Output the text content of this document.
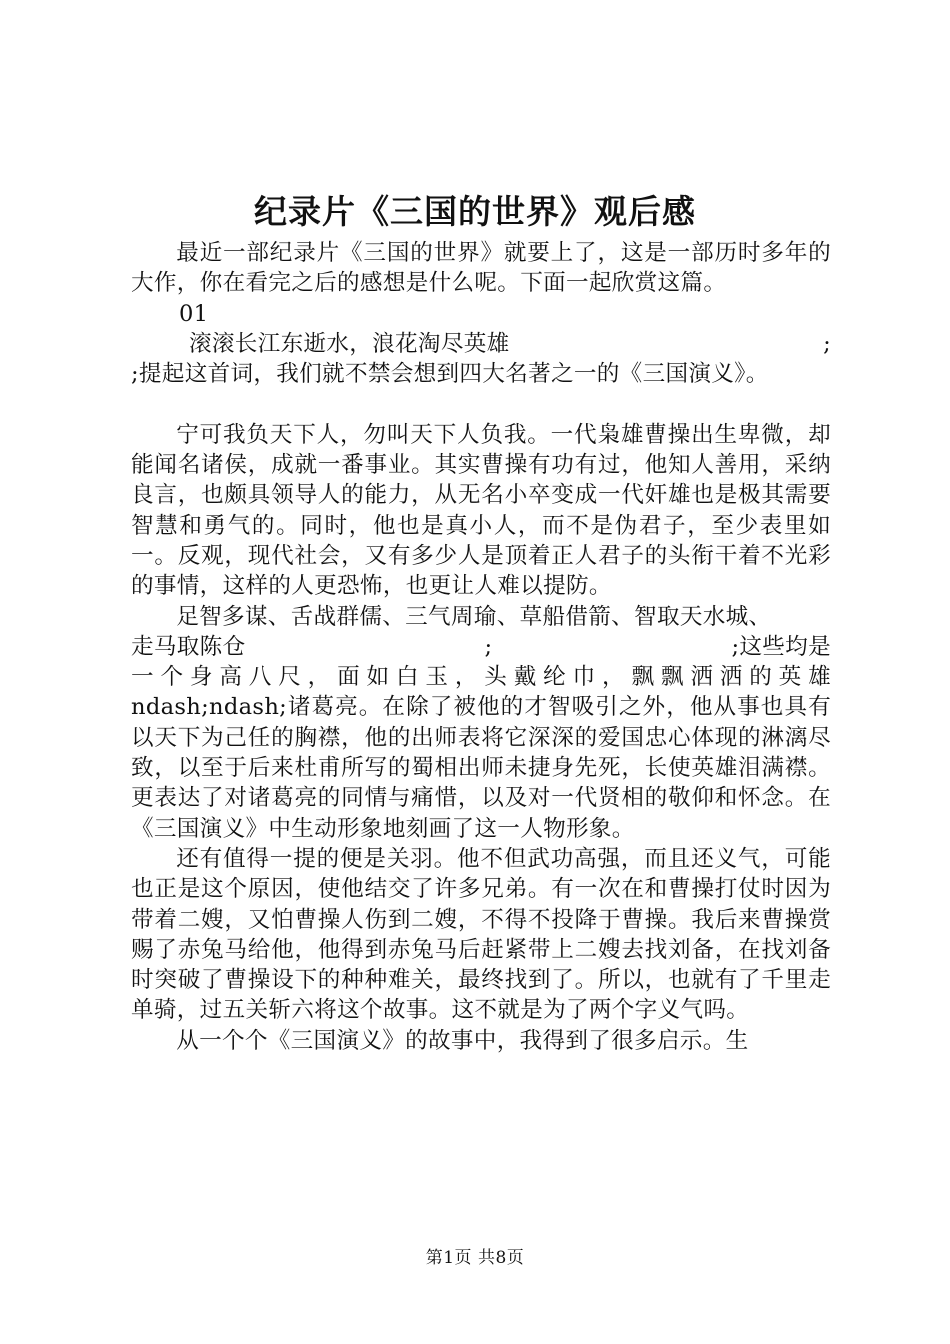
纪录片《三国的世界》观后感

最近一部纪录片《三国的世界》就要上了，这是一部历时多年的大作，你在看完之后的感想是什么呢。下面一起欣赏这篇。

01

滚滚长江东逝水，浪花淘尽英雄	;

;提起这首词，我们就不禁会想到四大名著之一的《三国演义》。

宁可我负天下人，勿叫天下人负我。一代枭雄曹操出生卑微，却能闻名诸侯，成就一番事业。其实曹操有功有过，他知人善用，采纳良言，也颇具领导人的能力，从无名小卒变成一代奸雄也是极其需要智慧和勇气的。同时，他也是真小人，而不是伪君子，至少表里如一。反观，现代社会，又有多少人是顶着正人君子的头衔干着不光彩的事情，这样的人更恐怖，也更让人难以提防。

足智多谋、舌战群儒、三气周瑜、草船借箭、智取天水城、

走马取陈仓	;	;这些均是

一个身高八尺，面如白玉，头戴纶巾，飘飘洒洒的英雄ndash;ndash;诸葛亮。在除了被他的才智吸引之外，他从事也具有以天下为己任的胸襟，他的出师表将它深深的爱国忠心体现的淋漓尽致，以至于后来杜甫所写的蜀相出师未捷身先死，长使英雄泪满襟。更表达了对诸葛亮的同情与痛惜，以及对一代贤相的敬仰和怀念。在《三国演义》中生动形象地刻画了这一人物形象。

还有值得一提的便是关羽。他不但武功高强，而且还义气，可能也正是这个原因，使他结交了许多兄弟。有一次在和曹操打仗时因为带着二嫂，又怕曹操人伤到二嫂，不得不投降于曹操。我后来曹操赏赐了赤兔马给他，他得到赤兔马后赶紧带上二嫂去找刘备，在找刘备时突破了曹操设下的种种难关，最终找到了。所以，也就有了千里走单骑，过五关斩六将这个故事。这不就是为了两个字义气吗。

从一个个《三国演义》的故事中，我得到了很多启示。生

第1页 共8页
